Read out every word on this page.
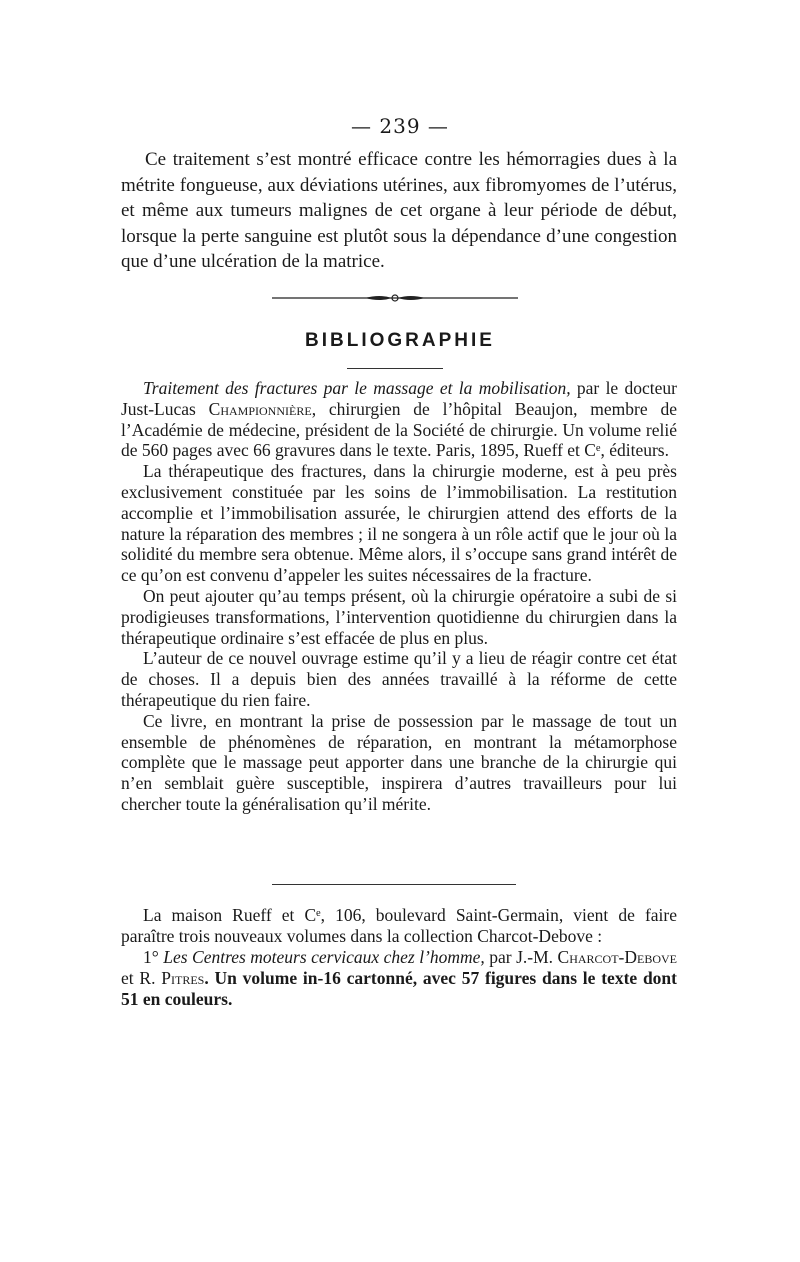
— 239 —

Ce traitement s’est montré efficace contre les hémorragies dues à la métrite fongueuse, aux déviations utérines, aux fibromyomes de l’utérus, et même aux tumeurs malignes de cet organe à leur période de début, lorsque la perte sanguine est plutôt sous la dépendance d’une congestion que d’une ulcération de la matrice.

BIBLIOGRAPHIE

Traitement des fractures par le massage et la mobilisation, par le docteur Just-Lucas Championnière, chirurgien de l’hôpital Beaujon, membre de l’Académie de médecine, président de la Société de chirurgie. Un volume relié de 560 pages avec 66 gravures dans le texte. Paris, 1895, Rueff et Cᵉ, éditeurs.

La thérapeutique des fractures, dans la chirurgie moderne, est à peu près exclusivement constituée par les soins de l’immobilisation. La restitution accomplie et l’immobilisation assurée, le chirurgien attend des efforts de la nature la réparation des membres ; il ne songera à un rôle actif que le jour où la solidité du membre sera obtenue. Même alors, il s’occupe sans grand intérêt de ce qu’on est convenu d’appeler les suites nécessaires de la fracture.

On peut ajouter qu’au temps présent, où la chirurgie opératoire a subi de si prodigieuses transformations, l’intervention quotidienne du chirurgien dans la thérapeutique ordinaire s’est effacée de plus en plus.

L’auteur de ce nouvel ouvrage estime qu’il y a lieu de réagir contre cet état de choses. Il a depuis bien des années travaillé à la réforme de cette thérapeutique du rien faire.

Ce livre, en montrant la prise de possession par le massage de tout un ensemble de phénomènes de réparation, en montrant la métamorphose complète que le massage peut apporter dans une branche de la chirurgie qui n’en semblait guère susceptible, inspirera d’autres travailleurs pour lui chercher toute la généralisation qu’il mérite.

La maison Rueff et Cᵉ, 106, boulevard Saint-Germain, vient de faire paraître trois nouveaux volumes dans la collection Charcot-Debove :

1° Les Centres moteurs cervicaux chez l’homme, par J.-M. Charcot-Debove et R. Pitres. Un volume in-16 cartonné, avec 57 figures dans le texte dont 51 en couleurs.
